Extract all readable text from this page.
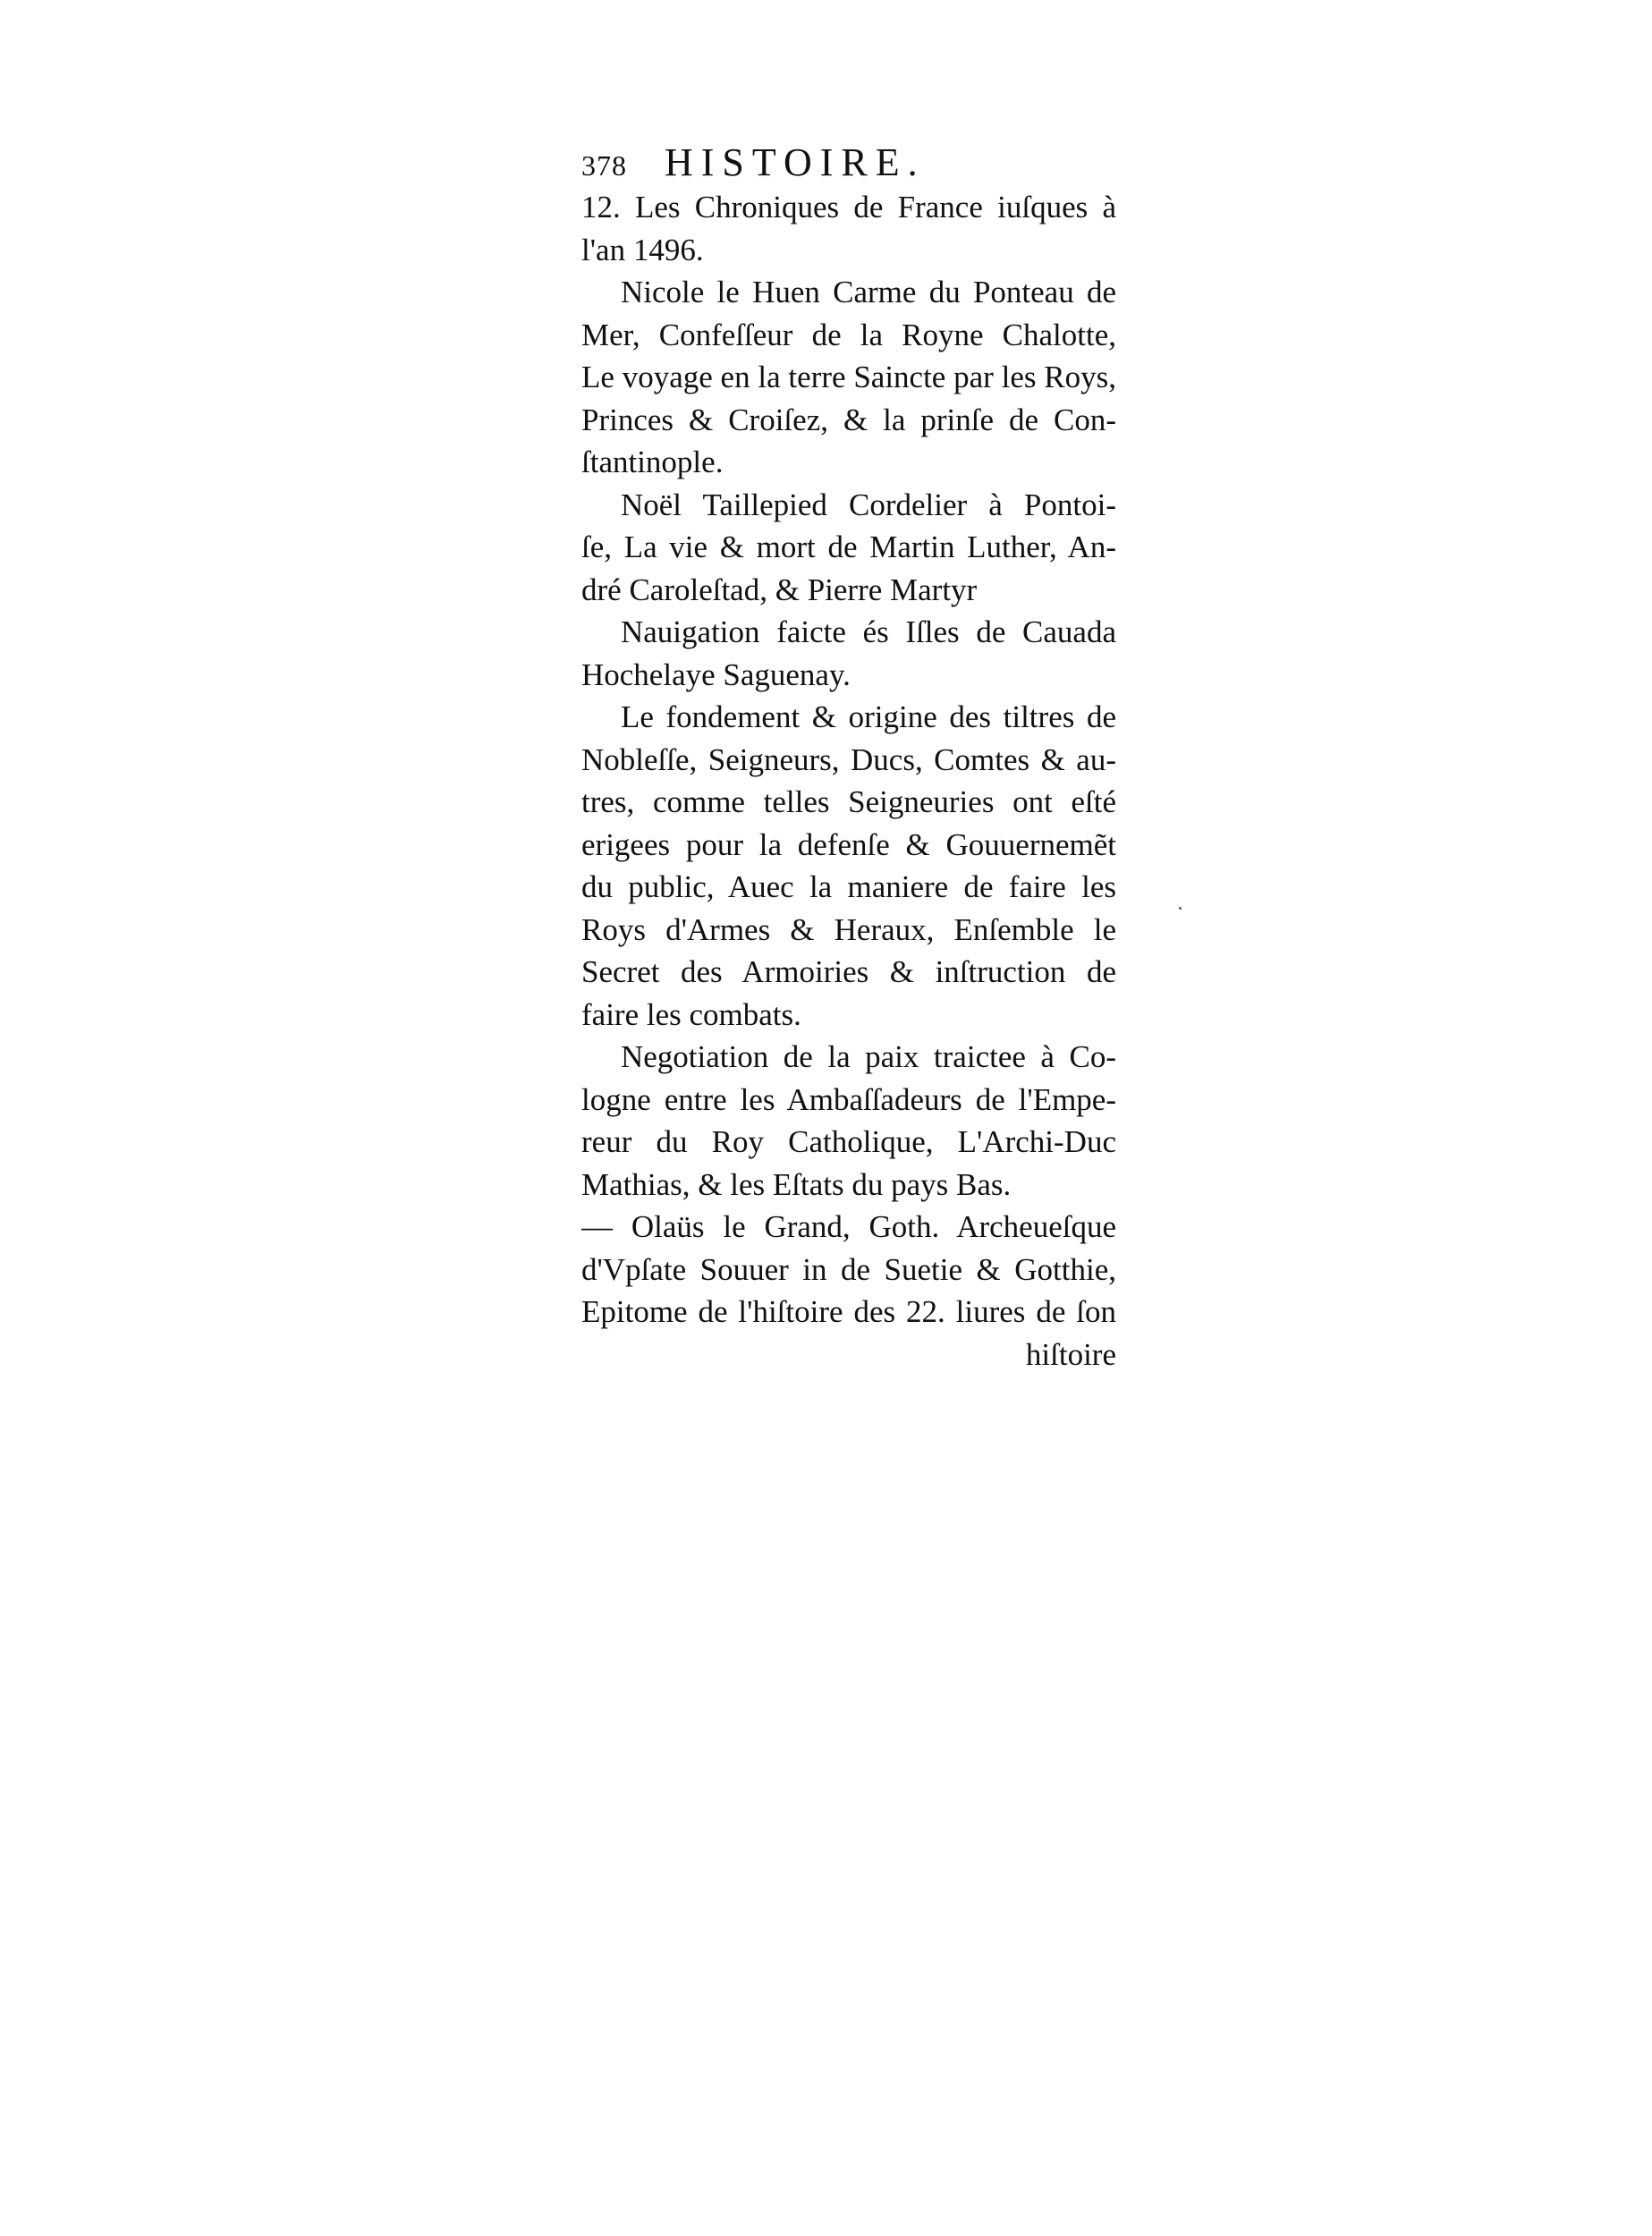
378 HISTOIRE.
12. Les Chroniques de France iuſques à
l'an 1496.
Nicole le Huen Carme du Ponteau de
Mer, Confeſſeur de la Royne Chalotte,
Le voyage en la terre Saincte par les Roys,
Princes & Croiſez, & la prinſe de Con-
ſtantinople.
Noël Taillepied Cordelier à Pontoi-
ſe, La vie & mort de Martin Luther, An-
dré Caroleſtad, & Pierre Martyr
Nauigation faicte és Iſles de Cauada
Hochelaye Saguenay.
Le fondement & origine des tiltres de
Nobleſſe, Seigneurs, Ducs, Comtes & au-
tres, comme telles Seigneuries ont eſté
erigees pour la defenſe & Gouuernemẽt
du public, Auec la maniere de faire les
Roys d'Armes & Heraux, Enſemble le
Secret des Armoiries & inſtruction de
faire les combats.
Negotiation de la paix traictee à Co-
logne entre les Ambaſſadeurs de l'Empe-
reur du Roy Catholique, L'Archi-Duc
Mathias, & les Eſtats du pays Bas.
— Olaüs le Grand, Goth. Archeueſque
d'Vpſate Souuer in de Suetie & Gotthie,
Epitome de l'hiſtoire des 22. liures de ſon
hiſtoire
